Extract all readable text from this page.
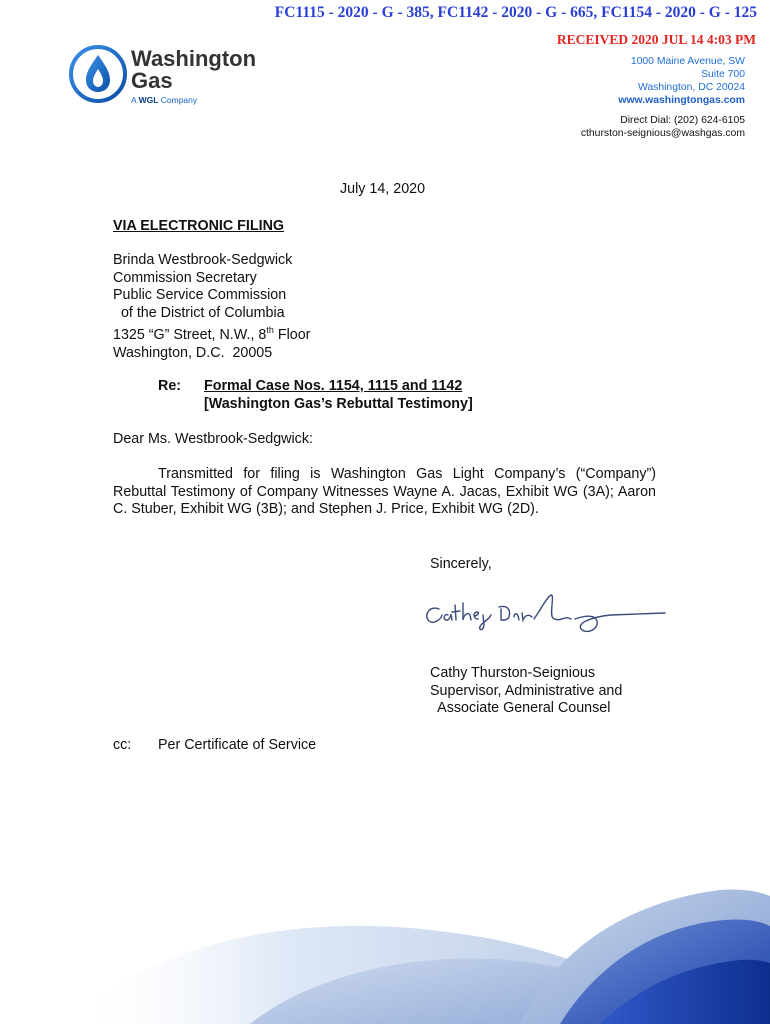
FC1115 - 2020 - G - 385, FC1142 - 2020 - G - 665, FC1154 - 2020 - G - 125
RECEIVED 2020 JUL 14 4:03 PM
Washington
Gas
A WGL Company
1000 Maine Avenue, SW
Suite 700
Washington, DC 20024
www.washingtongas.com
Direct Dial: (202) 624-6105
cthurston-seignious@washgas.com
July 14, 2020
VIA ELECTRONIC FILING
Brinda Westbrook-Sedgwick
Commission Secretary
Public Service Commission
of the District of Columbia
1325 “G” Street, N.W., 8th Floor
Washington, D.C.  20005
Re: Formal Case Nos. 1154, 1115 and 1142
[Washington Gas’s Rebuttal Testimony]
Dear Ms. Westbrook-Sedgwick:
Transmitted for filing is Washington Gas Light Company’s (“Company”) Rebuttal Testimony of Company Witnesses Wayne A. Jacas, Exhibit WG (3A); Aaron C. Stuber, Exhibit WG (3B); and Stephen J. Price, Exhibit WG (2D).
Sincerely,
Cathy Thurston-Seignious
Supervisor, Administrative and
Associate General Counsel
cc: Per Certificate of Service
